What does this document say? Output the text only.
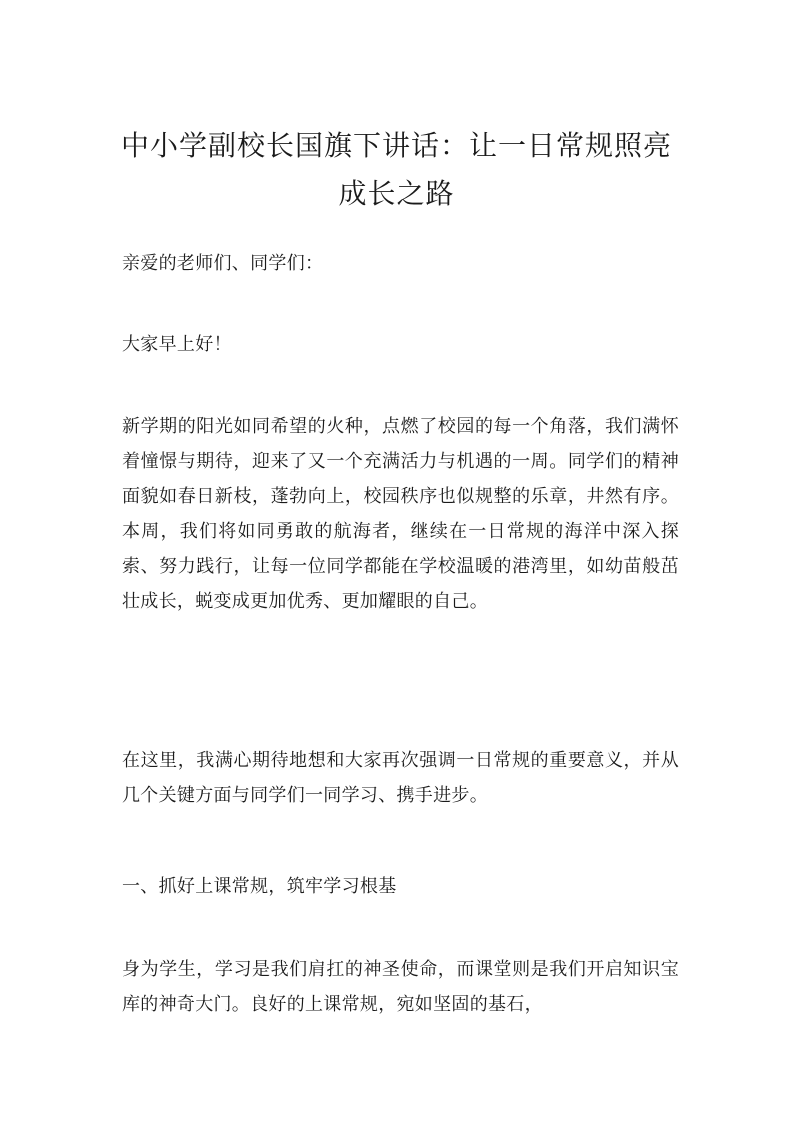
中小学副校长国旗下讲话：让一日常规照亮成长之路

亲爱的老师们、同学们：

大家早上好！

新学期的阳光如同希望的火种，点燃了校园的每一个角落，我们满怀着憧憬与期待，迎来了又一个充满活力与机遇的一周。同学们的精神面貌如春日新枝，蓬勃向上，校园秩序也似规整的乐章，井然有序。本周，我们将如同勇敢的航海者，继续在一日常规的海洋中深入探索、努力践行，让每一位同学都能在学校温暖的港湾里，如幼苗般茁壮成长，蜕变成更加优秀、更加耀眼的自己。

在这里，我满心期待地想和大家再次强调一日常规的重要意义，并从几个关键方面与同学们一同学习、携手进步。

一、抓好上课常规，筑牢学习根基

身为学生，学习是我们肩扛的神圣使命，而课堂则是我们开启知识宝库的神奇大门。良好的上课常规，宛如坚固的基石，
